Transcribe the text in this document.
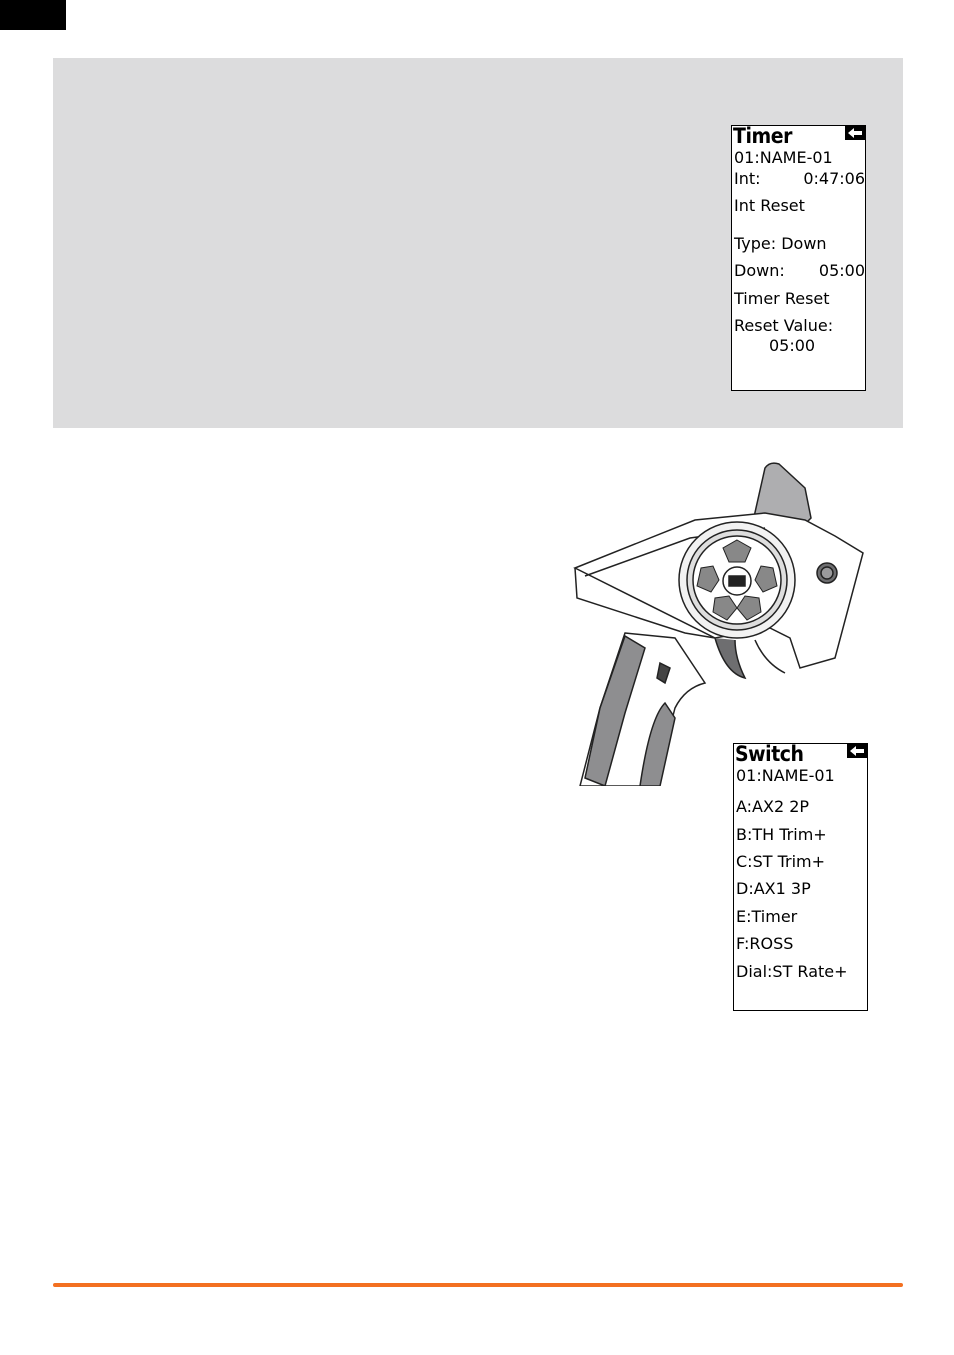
Timer
01:NAME-01
Int:	0:47:06
Int Reset
Type: Down
Down: 05:00
Timer Reset
Reset Value:
05:00
Switch
01:NAME-01
A:AX2 2P
B:TH Trim+
C:ST Trim+
D:AX1 3P
E:Timer
F:ROSS
Dial:ST Rate+
